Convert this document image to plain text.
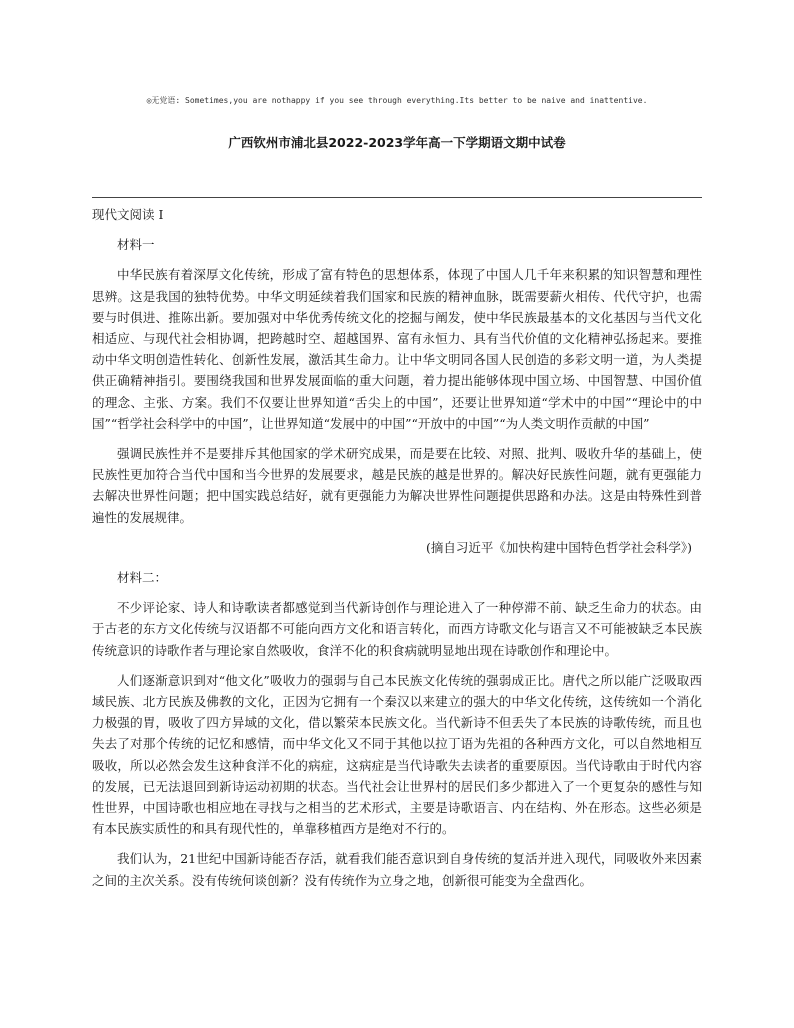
◎无党语: Sometimes,you are nothappy if you see through everything.Its better to be naive and inattentive.
广西钦州市浦北县2022-2023学年高一下学期语文期中试卷
现代文阅读 I
材料一

中华民族有着深厚文化传统，形成了富有特色的思想体系，体现了中国人几千年来积累的知识智慧和理性思辨。这是我国的独特优势。中华文明延续着我们国家和民族的精神血脉，既需要薪火相传、代代守护，也需要与时俱进、推陈出新。要加强对中华优秀传统文化的挖掘与阐发，使中华民族最基本的文化基因与当代文化相适应、与现代社会相协调，把跨越时空、超越国界、富有永恒力、具有当代价值的文化精神弘扬起来。要推动中华文明创造性转化、创新性发展，激活其生命力。让中华文明同各国人民创造的多彩文明一道，为人类提供正确精神指引。要围绕我国和世界发展面临的重大问题，着力提出能够体现中国立场、中国智慧、中国价值的理念、主张、方案。我们不仅要让世界知道“舌尖上的中国”，还要让世界知道“学术中的中国”“理论中的中国”“哲学社会科学中的中国”，让世界知道“发展中的中国”“开放中的中国”“为人类文明作贡献的中国”

强调民族性并不是要排斥其他国家的学术研究成果，而是要在比较、对照、批判、吸收升华的基础上，使民族性更加符合当代中国和当今世界的发展要求，越是民族的越是世界的。解决好民族性问题，就有更强能力去解决世界性问题；把中国实践总结好，就有更强能力为解决世界性问题提供思路和办法。这是由特殊性到普遍性的发展规律。

(摘自习近平《加快构建中国特色哲学社会科学》)
材料二：

不少评论家、诗人和诗歌读者都感觉到当代新诗创作与理论进入了一种停滞不前、缺乏生命力的状态。由于古老的东方文化传统与汉语都不可能向西方文化和语言转化，而西方诗歌文化与语言又不可能被缺乏本民族传统意识的诗歌作者与理论家自然吸收，食洋不化的积食病就明显地出现在诗歌创作和理论中。

人们逐渐意识到对“他文化”吸收力的强弱与自己本民族文化传统的强弱成正比。唐代之所以能广泛吸取西域民族、北方民族及佛教的文化，正因为它拥有一个秦汉以来建立的强大的中华文化传统，这传统如一个消化力极强的胃，吸收了四方异域的文化，借以繁荣本民族文化。当代新诗不但丢失了本民族的诗歌传统，而且也失去了对那个传统的记忆和感情，而中华文化又不同于其他以拉丁语为先祖的各种西方文化，可以自然地相互吸收，所以必然会发生这种食洋不化的病症，这病症是当代诗歌失去读者的重要原因。当代诗歌由于时代内容的发展，已无法退回到新诗运动初期的状态。当代社会让世界村的居民们多少都进入了一个更复杂的感性与知性世界，中国诗歌也相应地在寻找与之相当的艺术形式，主要是诗歌语言、内在结构、外在形态。这些必须是有本民族实质性的和具有现代性的，单靠移植西方是绝对不行的。

我们认为，21世纪中国新诗能否存活，就看我们能否意识到自身传统的复活并进入现代，同吸收外来因素之间的主次关系。没有传统何谈创新？没有传统作为立身之地，创新很可能变为全盘西化。
